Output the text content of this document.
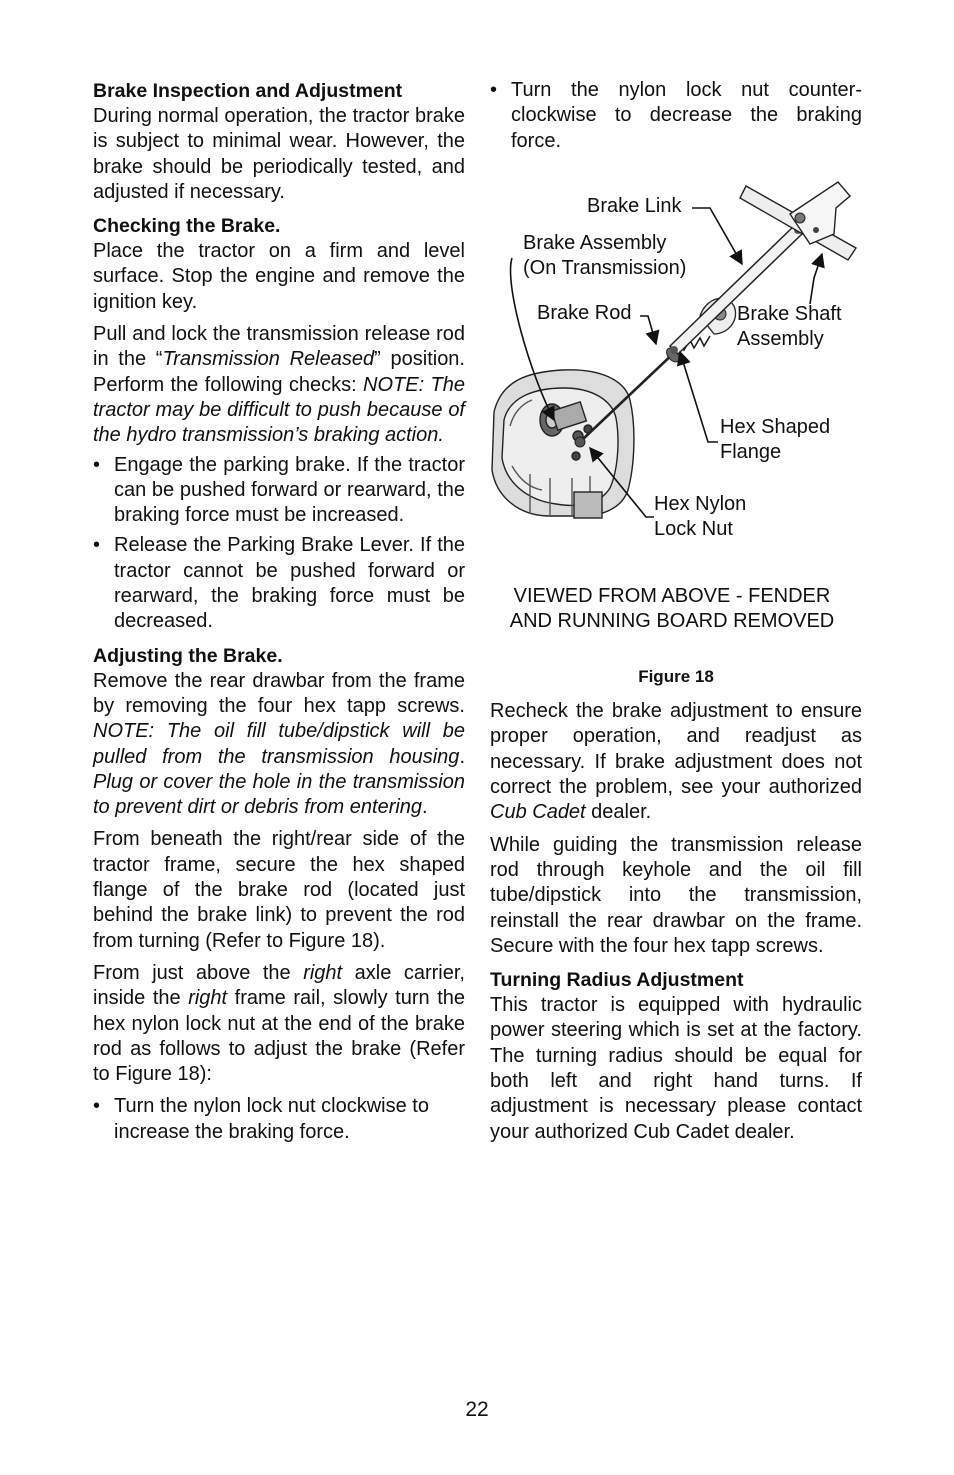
Brake Inspection and Adjustment

During normal operation, the tractor brake is subject to minimal wear. However, the brake should be periodically tested, and adjusted if necessary.

Checking the Brake.

Place the tractor on a firm and level surface. Stop the engine and remove the ignition key.

Pull and lock the transmission release rod in the “Transmission Released” position. Perform the following checks: NOTE: The tractor may be difficult to push because of the hydro transmission’s braking action.

• Engage the parking brake. If the tractor can be pushed forward or rearward, the braking force must be increased.
• Release the Parking Brake Lever. If the tractor cannot be pushed forward or rearward, the braking force must be decreased.
Adjusting the Brake.

Remove the rear drawbar from the frame by removing the four hex tapp screws. NOTE: The oil fill tube/dipstick will be pulled from the transmission housing. Plug or cover the hole in the transmission to prevent dirt or debris from entering.

From beneath the right/rear side of the tractor frame, secure the hex shaped flange of the brake rod (located just behind the brake link) to prevent the rod from turning (Refer to Figure 18).

From just above the right axle carrier, inside the right frame rail, slowly turn the hex nylon lock nut at the end of the brake rod as follows to adjust the brake (Refer to Figure 18):

• Turn the nylon lock nut clockwise to increase the braking force.
• Turn the nylon lock nut counter-clockwise to decrease the braking force.
Brake Link
Brake Assembly
(On Transmission)
Brake Rod	Brake Shaft
Assembly
Hex Shaped
Flange
Hex Nylon
Lock Nut
VIEWED FROM ABOVE - FENDER
AND RUNNING BOARD REMOVED
Figure 18

Recheck the brake adjustment to ensure proper operation, and readjust as necessary. If brake adjustment does not correct the problem, see your authorized Cub Cadet dealer.

While guiding the transmission release rod through keyhole and the oil fill tube/dipstick into the transmission, reinstall the rear drawbar on the frame. Secure with the four hex tapp screws.

Turning Radius Adjustment

This tractor is equipped with hydraulic power steering which is set at the factory. The turning radius should be equal for both left and right hand turns. If adjustment is necessary please contact your authorized Cub Cadet dealer.

22
